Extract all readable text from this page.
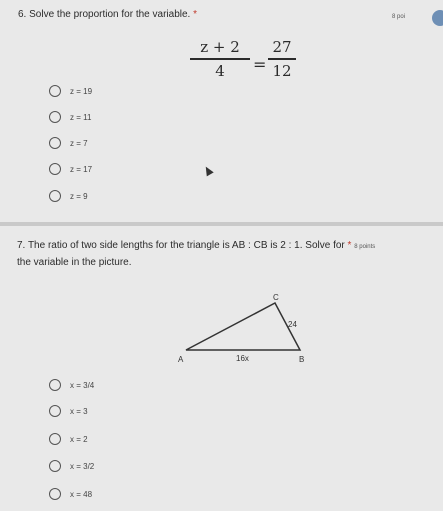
6. Solve the proportion for the variable. *	8 poi
z + 2
4	=
27
12
z = 19
z = 11
z = 7
z = 17
z = 9
7. The ratio of two side lengths for the triangle is AB : CB is 2 : 1. Solve for * 8 points
the variable in the picture.
C
A	B
24
16x
x = 3/4
x = 3
x = 2
x = 3/2
x = 48
